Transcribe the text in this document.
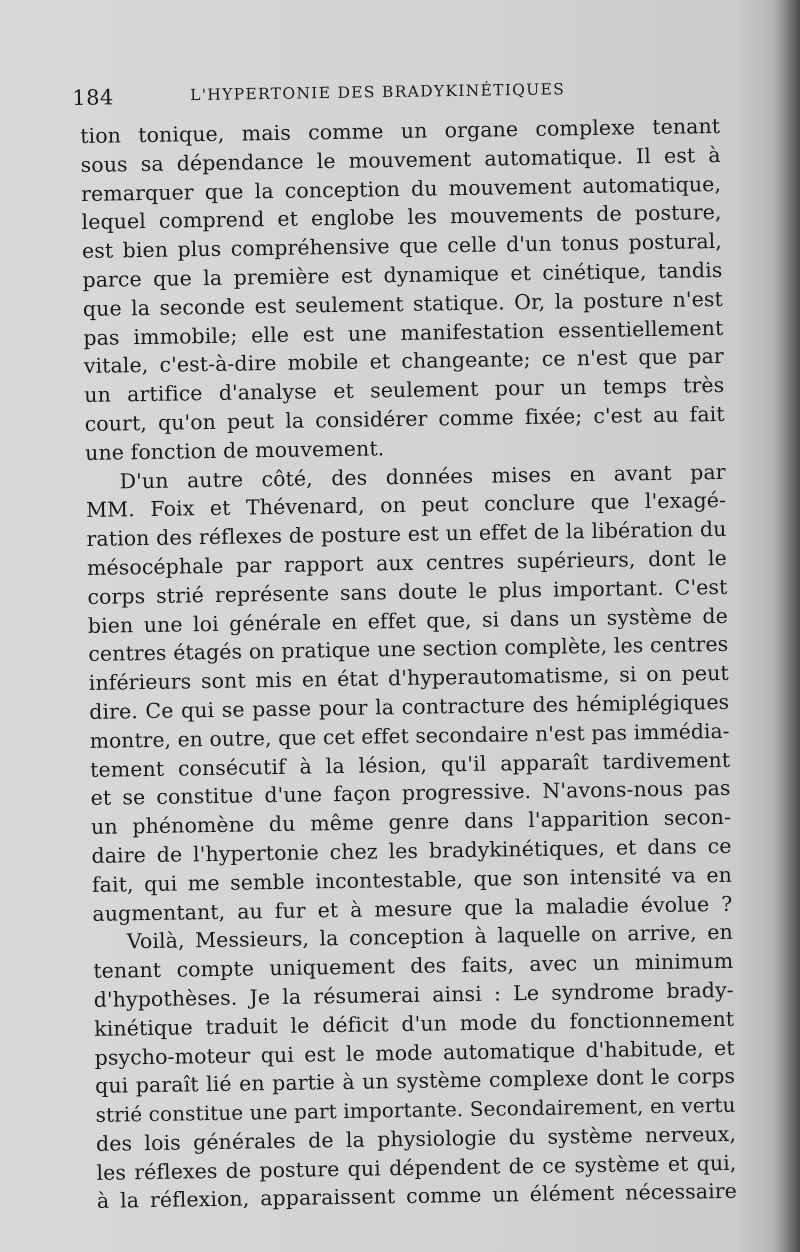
184	L'HYPERTONIE DES BRADYKINÉTIQUES
tion tonique, mais comme un organe complexe tenant
sous sa dépendance le mouvement automatique. Il est à
remarquer que la conception du mouvement automatique,
lequel comprend et englobe les mouvements de posture,
est bien plus compréhensive que celle d'un tonus postural,
parce que la première est dynamique et cinétique, tandis
que la seconde est seulement statique. Or, la posture n'est
pas immobile; elle est une manifestation essentiellement
vitale, c'est-à-dire mobile et changeante; ce n'est que par
un artifice d'analyse et seulement pour un temps très
court, qu'on peut la considérer comme fixée; c'est au fait
une fonction de mouvement.
D'un autre côté, des données mises en avant par
MM. Foix et Thévenard, on peut conclure que l'exagé-
ration des réflexes de posture est un effet de la libération du
mésocéphale par rapport aux centres supérieurs, dont le
corps strié représente sans doute le plus important. C'est
bien une loi générale en effet que, si dans un système de
centres étagés on pratique une section complète, les centres
inférieurs sont mis en état d'hyperautomatisme, si on peut
dire. Ce qui se passe pour la contracture des hémiplégiques
montre, en outre, que cet effet secondaire n'est pas immédia-
tement consécutif à la lésion, qu'il apparaît tardivement
et se constitue d'une façon progressive. N'avons-nous pas
un phénomène du même genre dans l'apparition secon-
daire de l'hypertonie chez les bradykinétiques, et dans ce
fait, qui me semble incontestable, que son intensité va en
augmentant, au fur et à mesure que la maladie évolue ?
Voilà, Messieurs, la conception à laquelle on arrive, en
tenant compte uniquement des faits, avec un minimum
d'hypothèses. Je la résumerai ainsi : Le syndrome brady-
kinétique traduit le déficit d'un mode du fonctionnement
psycho-moteur qui est le mode automatique d'habitude, et
qui paraît lié en partie à un système complexe dont le corps
strié constitue une part importante. Secondairement, en vertu
des lois générales de la physiologie du système nerveux,
les réflexes de posture qui dépendent de ce système et qui,
à la réflexion, apparaissent comme un élément nécessaire
